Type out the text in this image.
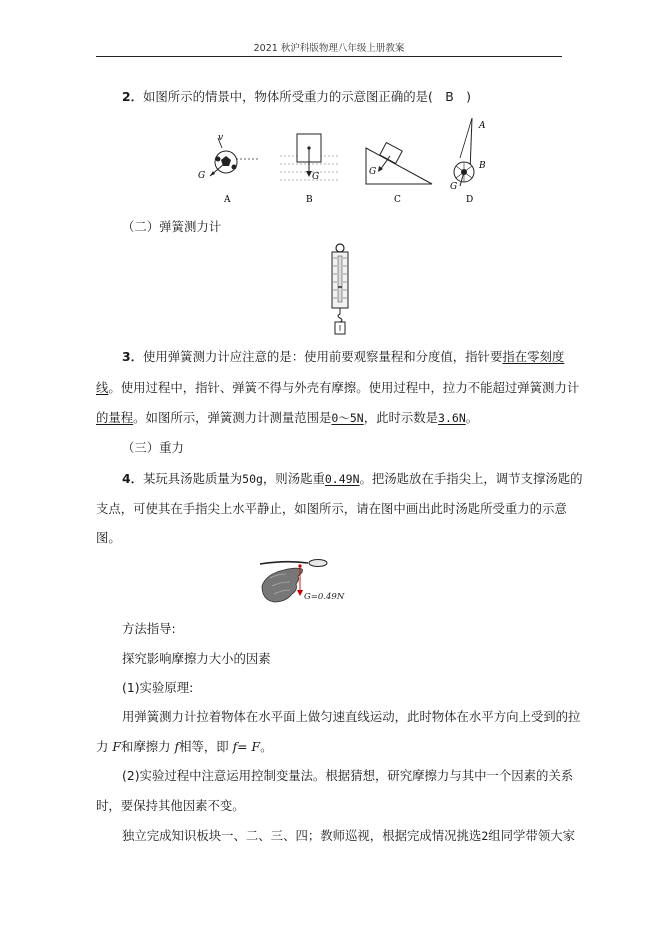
2021 秋沪科版物理八年级上册教案
2．如图所示的情景中，物体所受重力的示意图正确的是(　B　)
v
G	G	G
A
B
G
A	B	C	D
（二）弹簧测力计
3．使用弹簧测力计应注意的是：使用前要观察量程和分度值，指针要指在零刻度
线。使用过程中，指针、弹簧不得与外壳有摩擦。使用过程中，拉力不能超过弹簧测力计
的量程。如图所示，弹簧测力计测量范围是0～5N，此时示数是3.6N。
（三）重力
4．某玩具汤匙质量为50g，则汤匙重0.49N。把汤匙放在手指尖上，调节支撑汤匙的
支点，可使其在手指尖上水平静止，如图所示，请在图中画出此时汤匙所受重力的示意
图。
G=0.49N
方法指导:
探究影响摩擦力大小的因素
(1)实验原理:
用弹簧测力计拉着物体在水平面上做匀速直线运动，此时物体在水平方向上受到的拉
力 F和摩擦力 f相等，即 f= F。
(2)实验过程中注意运用控制变量法。根据猜想，研究摩擦力与其中一个因素的关系
时，要保持其他因素不变。
独立完成知识板块一、二、三、四；教师巡视，根据完成情况挑选2组同学带领大家
